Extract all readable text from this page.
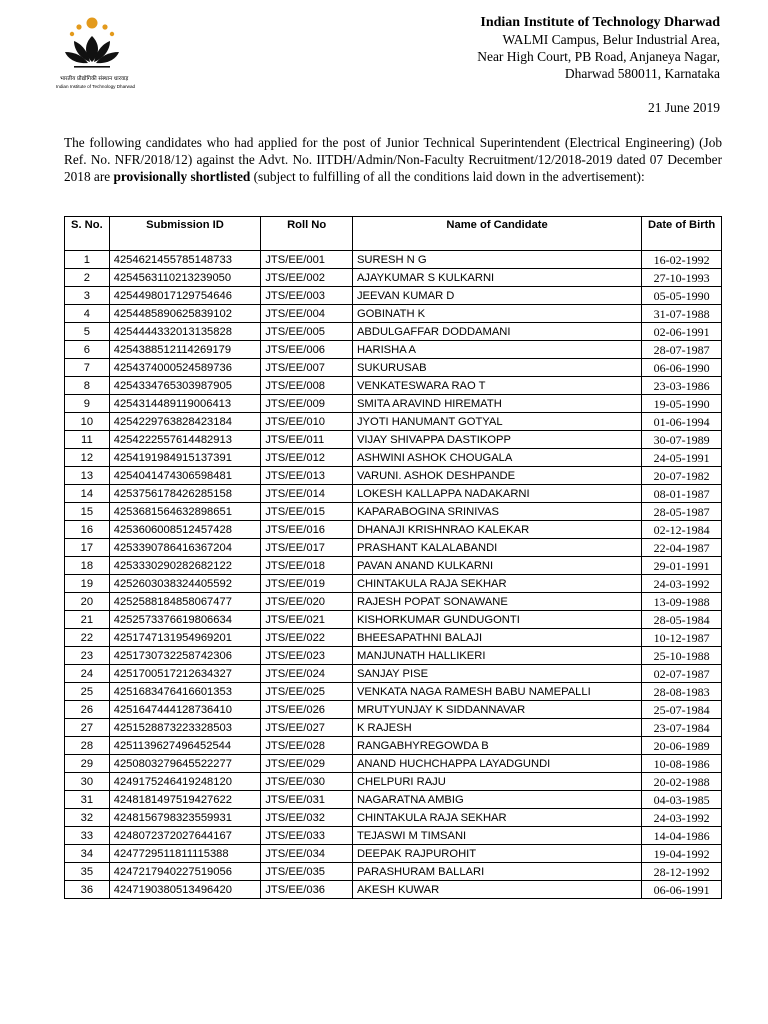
भारतीय प्रौद्योगिकी संस्थान धारवाड़
Indian Institute of Technology Dharwad
Indian Institute of Technology Dharwad
WALMI Campus, Belur Industrial Area,
Near High Court, PB Road, Anjaneya Nagar,
Dharwad 580011, Karnataka
21 June 2019
The following candidates who had applied for the post of Junior Technical Superintendent (Electrical Engineering) (Job Ref. No. NFR/2018/12) against the Advt. No. IITDH/Admin/Non-Faculty Recruitment/12/2018-2019 dated 07 December 2018 are provisionally shortlisted (subject to fulfilling of all the conditions laid down in the advertisement):
S. No.	Submission ID	Roll No	Name of Candidate	Date of Birth
1	4254621455785148733	JTS/EE/001	SURESH N G	16-02-1992
2	4254563110213239050	JTS/EE/002	AJAYKUMAR S KULKARNI	27-10-1993
3	4254498017129754646	JTS/EE/003	JEEVAN KUMAR D	05-05-1990
4	4254485890625839102	JTS/EE/004	GOBINATH K	31-07-1988
5	4254444332013135828	JTS/EE/005	ABDULGAFFAR DODDAMANI	02-06-1991
6	4254388512114269179	JTS/EE/006	HARISHA A	28-07-1987
7	4254374000524589736	JTS/EE/007	SUKURUSAB	06-06-1990
8	4254334765303987905	JTS/EE/008	VENKATESWARA RAO T	23-03-1986
9	4254314489119006413	JTS/EE/009	SMITA ARAVIND HIREMATH	19-05-1990
10	4254229763828423184	JTS/EE/010	JYOTI HANUMANT GOTYAL	01-06-1994
11	4254222557614482913	JTS/EE/011	VIJAY SHIVAPPA DASTIKOPP	30-07-1989
12	4254191984915137391	JTS/EE/012	ASHWINI ASHOK CHOUGALA	24-05-1991
13	4254041474306598481	JTS/EE/013	VARUNI. ASHOK DESHPANDE	20-07-1982
14	4253756178426285158	JTS/EE/014	LOKESH KALLAPPA NADAKARNI	08-01-1987
15	4253681564632898651	JTS/EE/015	KAPARABOGINA SRINIVAS	28-05-1987
16	4253606008512457428	JTS/EE/016	DHANAJI KRISHNRAO KALEKAR	02-12-1984
17	4253390786416367204	JTS/EE/017	PRASHANT KALALABANDI	22-04-1987
18	4253330290282682122	JTS/EE/018	PAVAN ANAND KULKARNI	29-01-1991
19	4252603038324405592	JTS/EE/019	CHINTAKULA RAJA SEKHAR	24-03-1992
20	4252588184858067477	JTS/EE/020	RAJESH POPAT SONAWANE	13-09-1988
21	4252573376619806634	JTS/EE/021	KISHORKUMAR GUNDUGONTI	28-05-1984
22	4251747131954969201	JTS/EE/022	BHEESAPATHNI BALAJI	10-12-1987
23	4251730732258742306	JTS/EE/023	MANJUNATH HALLIKERI	25-10-1988
24	4251700517212634327	JTS/EE/024	SANJAY PISE	02-07-1987
25	4251683476416601353	JTS/EE/025	VENKATA NAGA RAMESH BABU NAMEPALLI	28-08-1983
26	4251647444128736410	JTS/EE/026	MRUTYUNJAY K SIDDANNAVAR	25-07-1984
27	4251528873223328503	JTS/EE/027	K RAJESH	23-07-1984
28	4251139627496452544	JTS/EE/028	RANGABHYREGOWDA B	20-06-1989
29	4250803279645522277	JTS/EE/029	ANAND HUCHCHAPPA LAYADGUNDI	10-08-1986
30	4249175246419248120	JTS/EE/030	CHELPURI RAJU	20-02-1988
31	4248181497519427622	JTS/EE/031	NAGARATNA AMBIG	04-03-1985
32	4248156798323559931	JTS/EE/032	CHINTAKULA RAJA SEKHAR	24-03-1992
33	4248072372027644167	JTS/EE/033	TEJASWI M TIMSANI	14-04-1986
34	4247729511811115388	JTS/EE/034	DEEPAK RAJPUROHIT	19-04-1992
35	4247217940227519056	JTS/EE/035	PARASHURAM BALLARI	28-12-1992
36	4247190380513496420	JTS/EE/036	AKESH KUWAR	06-06-1991
